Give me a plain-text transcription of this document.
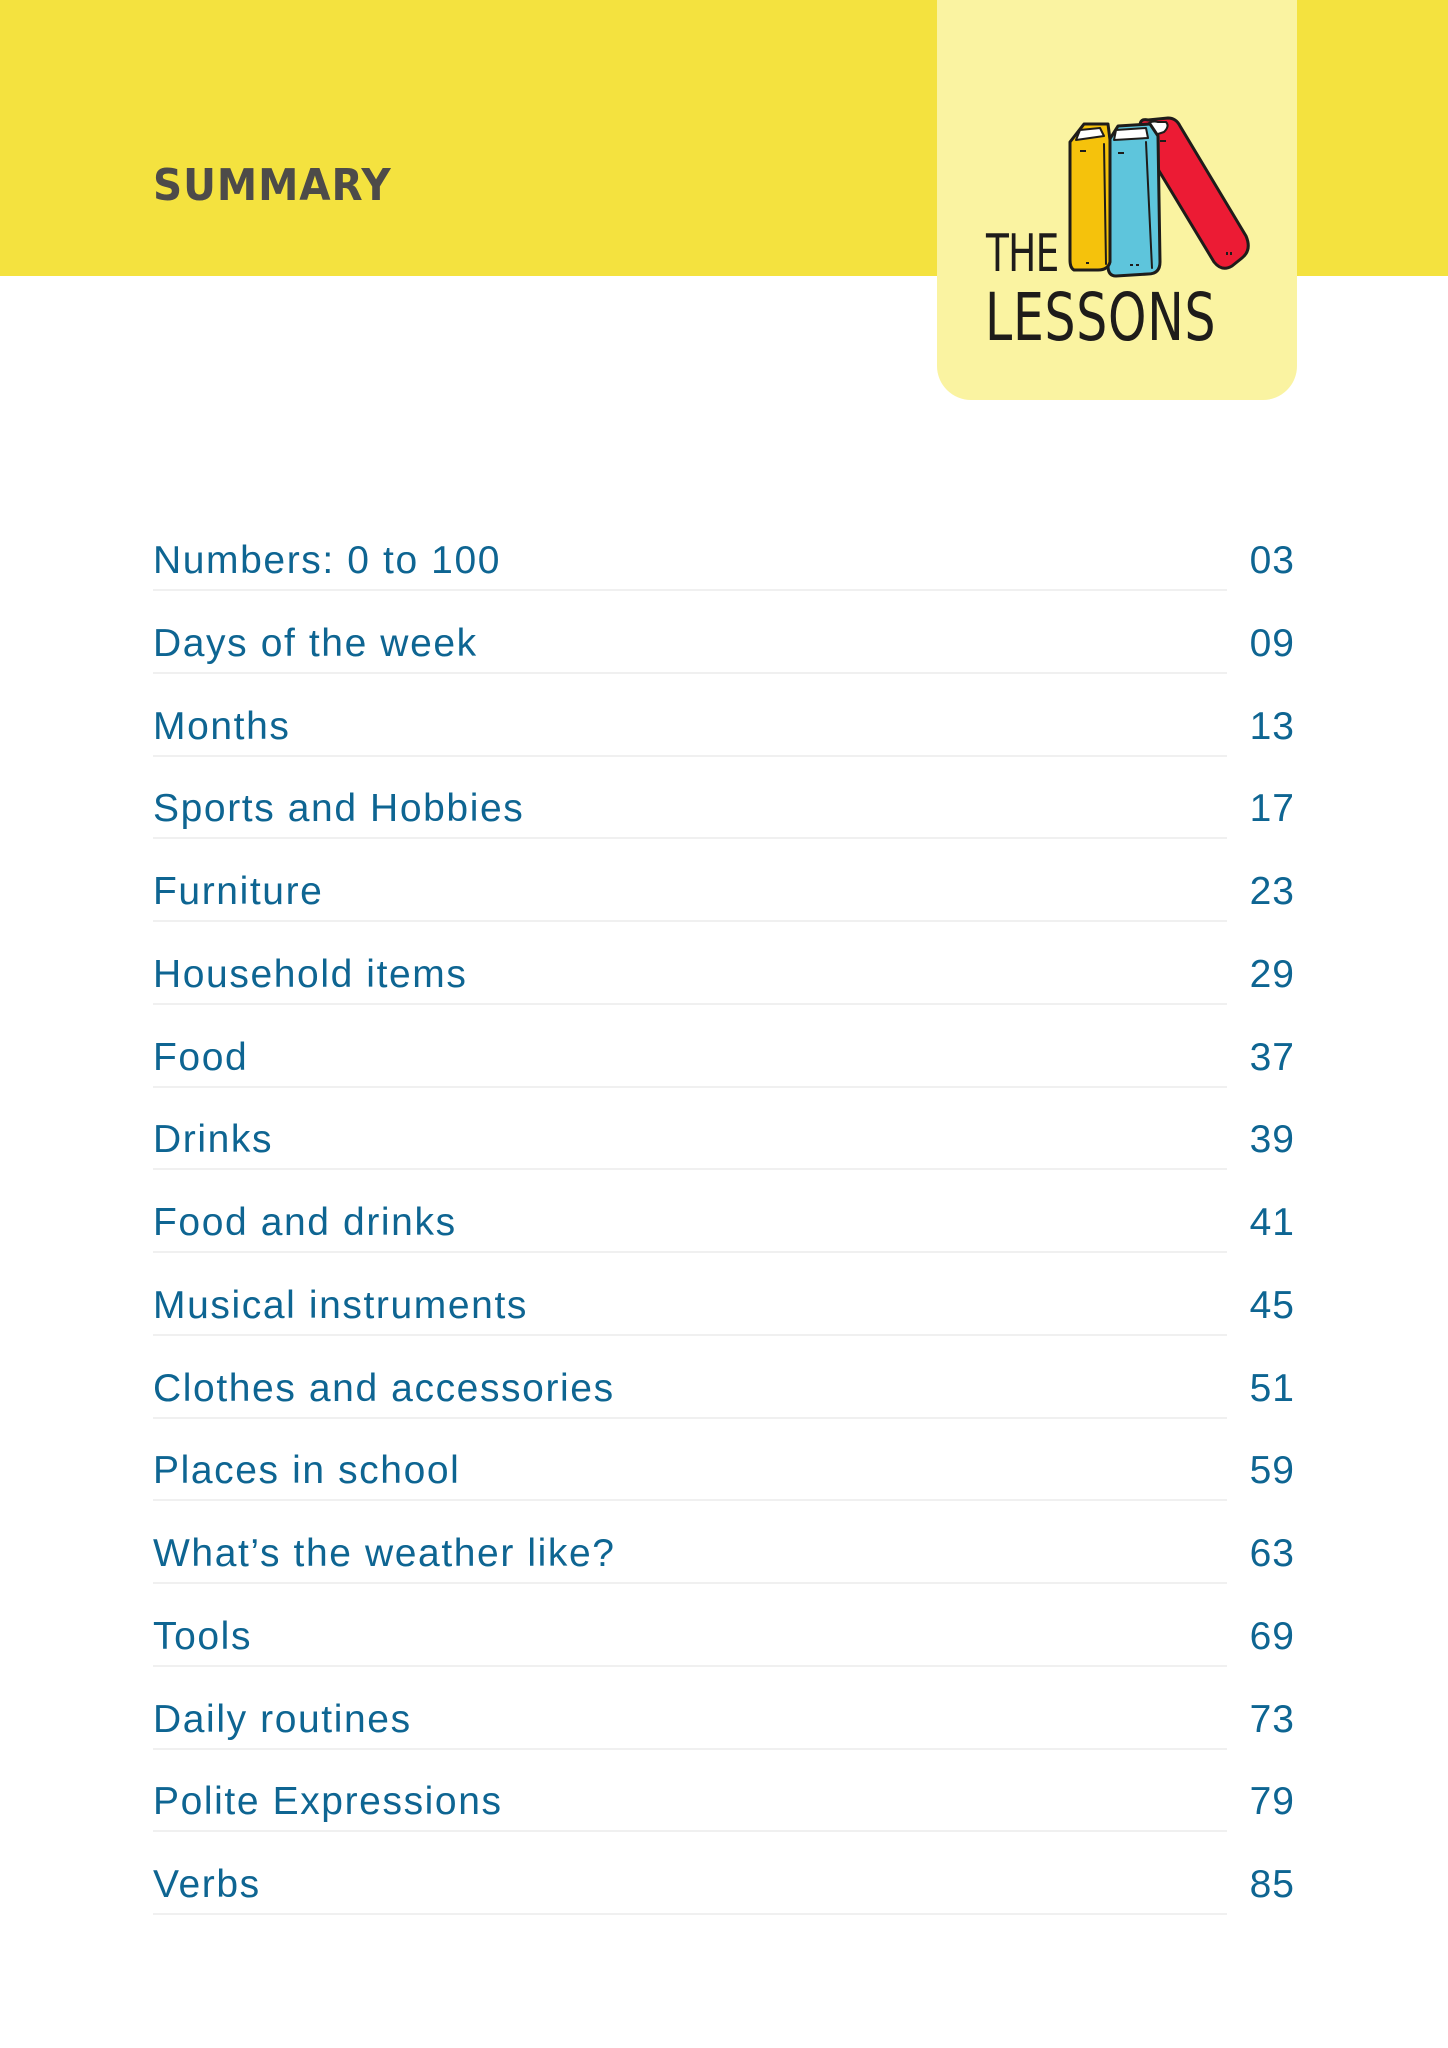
SUMMARY
THE
LESSONS
Numbers: 0 to 100	03
Days of the week	09
Months	13
Sports and Hobbies	17
Furniture	23
Household items	29
Food	37
Drinks	39
Food and drinks	41
Musical instruments	45
Clothes and accessories	51
Places in school	59
What’s the weather like?	63
Tools	69
Daily routines	73
Polite Expressions	79
Verbs	85
